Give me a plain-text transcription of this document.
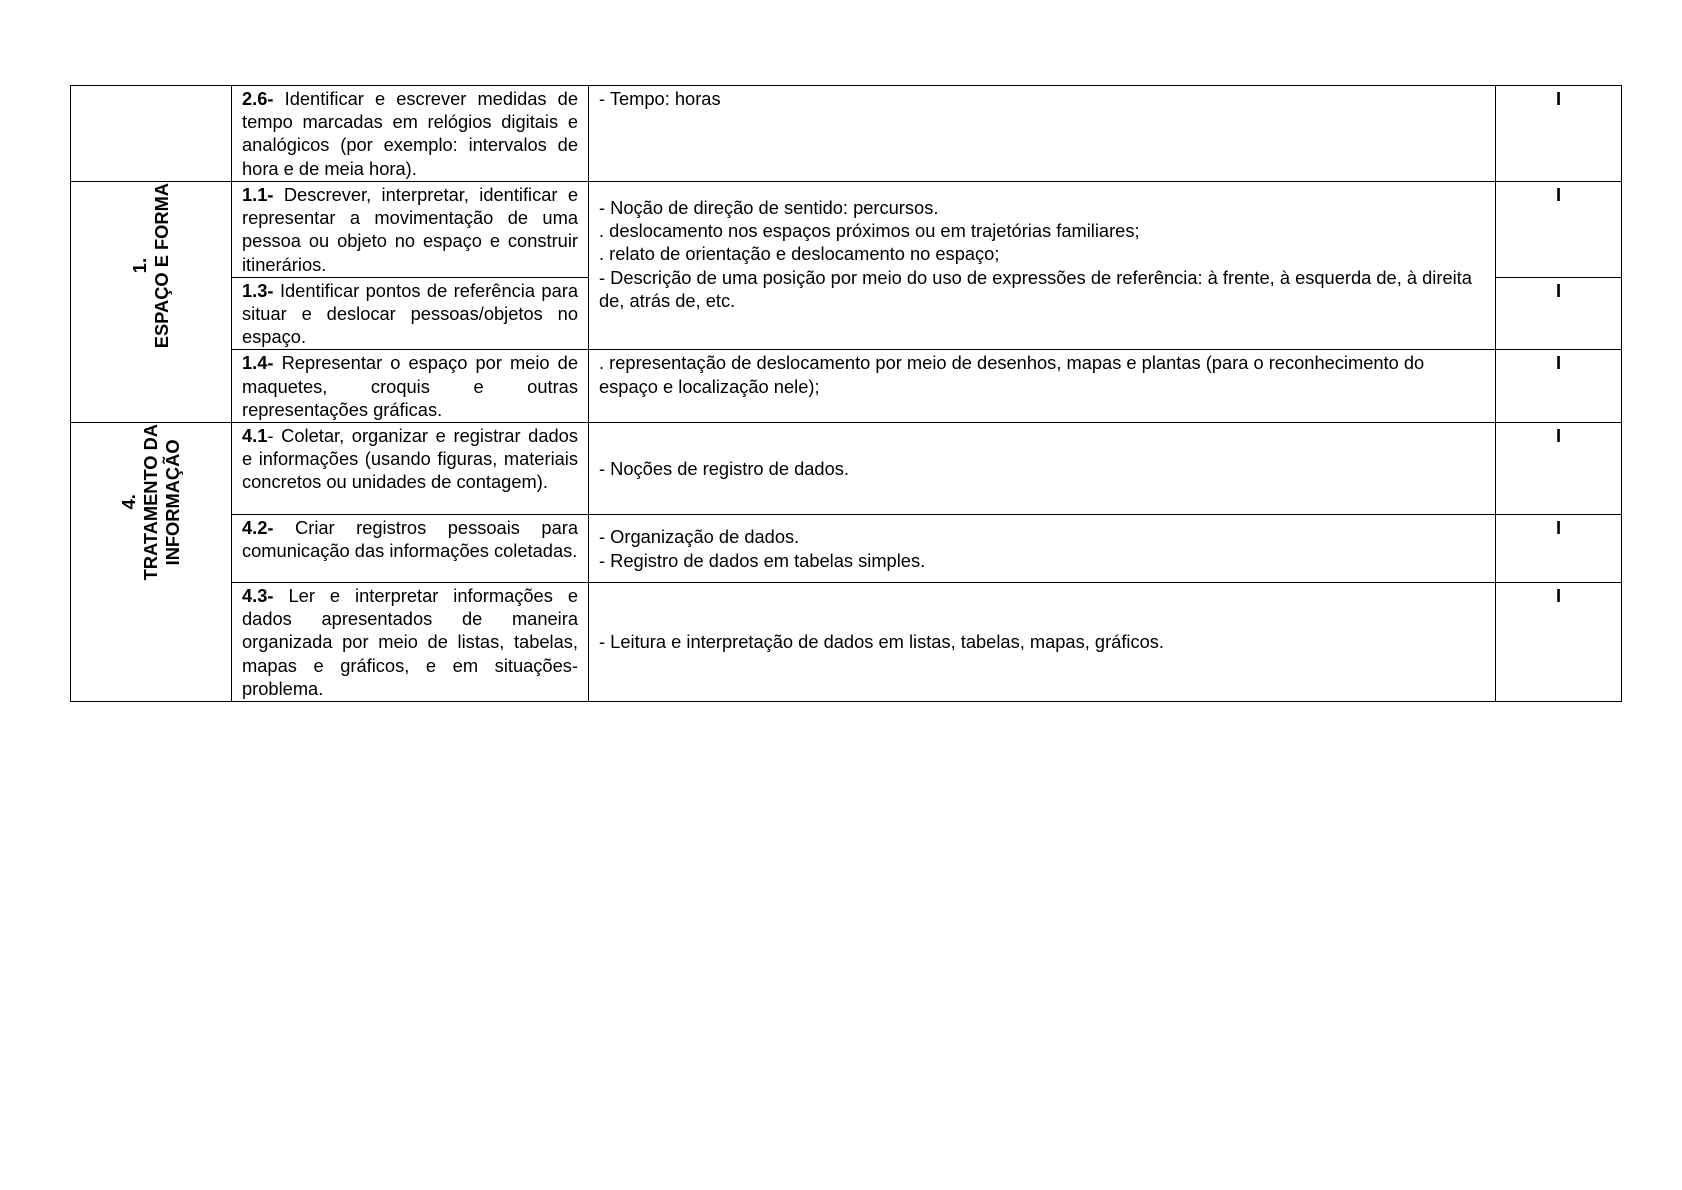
	2.6- Identificar e escrever medidas de tempo marcadas em relógios digitais e analógicos (por exemplo: intervalos de hora e de meia hora).	- Tempo: horas	I

1.
ESPAÇO E FORMA	1.1- Descrever, interpretar, identificar e representar a movimentação de uma pessoa ou objeto no espaço e construir itinerários.	- Noção de direção de sentido: percursos.
. deslocamento nos espaços próximos ou em trajetórias familiares;
. relato de orientação e deslocamento no espaço;
- Descrição de uma posição por meio do uso de expressões de referência: à frente, à esquerda de, à direita de, atrás de, etc.	I
	1.3- Identificar pontos de referência para situar e deslocar pessoas/objetos no espaço.		I
	1.4- Representar o espaço por meio de maquetes, croquis e outras representações gráficas.	. representação de deslocamento por meio de desenhos, mapas e plantas (para o reconhecimento do espaço e localização nele);	I

4.
TRATAMENTO DA
INFORMAÇÃO	4.1- Coletar, organizar e registrar dados e informações (usando figuras, materiais concretos ou unidades de contagem).	- Noções de registro de dados.	I
	4.2- Criar registros pessoais para comunicação das informações coletadas.	- Organização de dados.
- Registro de dados em tabelas simples.	I
	4.3- Ler e interpretar informações e dados apresentados de maneira organizada por meio de listas, tabelas, mapas e gráficos, e em situações-problema.	- Leitura e interpretação de dados em listas, tabelas, mapas, gráficos.	I
